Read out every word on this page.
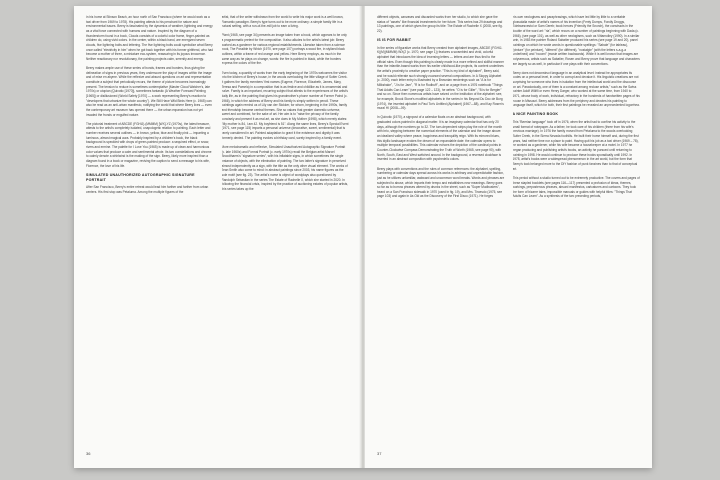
in his home at Stinson Beach, an hour north of San Francisco (where he would work as a taxi driver from 1969 to 1978). His painting attests to his penchant for nature and environmental issues. Beery is fascinated by the dynamics of weather, lightning and energy as a vital force connected with humans and nature. Inspired by the diagram of a thunderstorm found in a book, Clouds consists of a colorful color frame, finger-painted as children do, using vivid colors. In the center, within a black band, are energized seven clouds, five lightning bolts and lettering. The five lightning bolts could symbolize what Beery once called "electricity in him" when he got back together with his former girlfriend, who had become a mother of three, a miniature eco-system, reassuring in its joyous innocence. Neither reactionary nor revolutionary, the painting projects calm, serenity and energy.

Beery makes ample use of these series of bonds, frames and borders, thus giving the delineation of signs in previous years, they underscore the play of images within the image and of mise en abyme. While the reflexive and absurd questions on art and representation constitute a subject that periodically recurs, the theme of picture becomes increasingly present. The tension to reduce is sometimes contemplative (Master Cloud Watcher's, late 1970s) or utopian (Quixotic [1970]), sometimes fantastic (A Weather Forecast Painting [1965]) or disillusioned (World Safety [1970] — a work representing Beery's reaction to "developers that urbanize the whole country"). We Still Have Wild Birds Here (c. 1965) can also be read as an anti-urban manifesto, notifying the world that where Beery lives — even the contemporary art museum has opened there — the urban expansion has not yet invaded the fronds or engulfed nature.

The pictorial treatment of ABCDE (FGHIJ)-(MMMM) [WX]-YZ (1970s), the latest treasure, attests to the artist's completely isolated, unapologetic relation to painting. Each letter and number receives several outlines — in brown, yellow, blue and finally pink — imparting a luminous, almost magical aura. Probably inspired by a children's book, the black background is speckled with drops of green-painted produce: a sequined effect, or snow, rivers and ermine. The palette for I Love You (1965) is made up of clean and harmonious color values that produce a calm and sentimental whole. Its two constellations and chrome to calmly denote a whirlwind is the making of the sign. Beery, likely more inspired than a diagram found in a book or magazine, reviving the caption to send a message to his wife, Florence, the love of his life.

SIMULATED UNAUTHORIZED AUTOGRAPHIC SIGNATURE PORTRAIT

After San Francisco, Beery's entire retreat would lead him farther and farther from urban centers. His first stop was Petaluma. Among the multiple figures of the

artist, that of the writer withdrawn from the world to write his major work is a well known, Romantic paradigm. Beery's type turns out to be more ordinary: a simple family life in a natural setting, with a run-of-the-mill job to earn a living.

Plant (1965, see page 34) presents an image taken from a book, which appears to be only a programmatic pretext for the composition. It also alludes to the artist's latest job: Beery worked as a gardener for various regional establishments. Likewise taken from a science book, The Possible by Which (1970, see page 107) portrays a wood fire, in stylized black outlines, within a frame of red orange and yellow. Here Beery employs, as much in the same way as he plays on change, words: the fire is painted in black, while the borders express the colors of the fire.

Even today, a quantity of works from the early beginning of the 1970s welcomes the visitor into the kitchen of Beery's house, in the woods overlooking the little village of Sutter Creek. It gathers the family members' first names (Eugene, Florence, Elizabeth, James, Mary, Teresa and Pamela) in a composition that is as festive and childlike as it is ornamental and naïve. Family is an important, recurring subject that attests to the experiences of the artist's daily life, as in the painting that gives his grandmother's phone number at Former Patrol (c. 1966), in which the address of Beery and his family is simply written in pencil. These paintings again remind us of Lily van der Stokker, for whom, beginning in the 1990s, family and friendship became central themes. She so values that greater domestic universe, sweet and combined, for the sake of art. Her aim is to "raise the privacy of the family concisely and present it as real art, as she does in My Mother (1998), which merely states: "My mother is 84, I am 42. My boyfriend is 51". Along the same lines, Beery's Special Event (1971, see page 115) imparts a personal universe (decorative, sweet, sentimental) that is rarely considered in art. Painted adaptation to grant it the existence and dignity it was formerly denied. The painting evokes a birthday card, surely inspired by a family event.

More melodramatic and reflexive, Simulated Unauthorized Autographic Signature Portrait (c. late 1960s) and Formal Portrait (c. early 1970s) recall the Belgian artist Marcel Broodthaers's "signature series", with his inflatable signs, in which sometimes the single instance of objects, with the elimination of painting. The two latter's signature in perceived almost independently as a sign, with the title as the only other visual element. The works of Jean Smith also come to mind: in abstract paintings since 2003, his name figures as the sole motif (see fig. 23). The artist's name is object of wordplays also questioned by Randolph Sebastian in the series The Estate of Rachelle X, which she started in 2020. In following the financial crisis, inspired by the practice of auctioning estates of popular artists, this series takes up the

36

different objects, canvases and discarded works from her studio, to which she gave the status of "assets" like financial investments for her future. This series has 29 drawings and 13 paintings, one of which gives the group its title: The Estate of Rachelle X (2008, see fig. 22).

IS IS FOR RABBIT

In the series of figurative works that Beery created from alphabet images, ABCDE (FGHIJ-K)(M)(MMMM) WX(2 (c. 1970, see page 1)) features a scrambled and vivid, colorful alphabet that introduces the idea of inversing letters — letters and are thus tied to the official rules. Even though this painting is clearly made in a more refined and skillful manner than the infantile-based works from his earlier childhood-like projects, its content underlines the artist's proximity to creative paper practice. "This is my kind of alphabet", Beery said, and he would reiterate such strongly-nuanced several compositions. In A Sloppy Alphabet (c. 2000), each letter entry is illustrated by a Brownian renderings such as "A is for Milkshake", "J is for Jam", "R is for Rodbuff", and on a page from a 1976 notebook "Things That Adults Can Learn" (see page 122 – 123), he writes: "O is for Giller", "B is for Bergler" and so on. Since then numerous artists have seized on the institution of the alphabet: see, for example, Brook Stone's modified alphabets in the series in his Beyond Du Doc de Borg (1974), the inverted alphabet in Paul Tor's Untitled (Alphabet) (1967—88), and Kay Rosen's mural HI (2008—09).

In Quixotic (1970), a signpost of a calendar floats on an abstract background, with graduated colors painted in diagonal matter. It is an imaginary calendar that has only 20 days, although the numbers go to 32. The turn-dependent strips play the role of the month with brio, stepping between the numerical elements of the calendar and the image above: an idealized valley where peace, happiness and tranquility reign. With its mirrored blues, this idyllic landscape evokes the dream of an expandable date: the calendar opens to multiple temporal possibilities. This calendar echoes the depiction of the cardinal points in Counter-Clockwise Compass Demonstrating the Truth of Worth (1965, see page 90), with North, South, East and West switched around. In the background, a reversed clockface is inverted in an abstract composition with psychedelic colors.

Beery plays with conventions and the rules of common references: the alphabet, spelling, numbering or calendar days spread across his works in arbitrary and unpredictable fashion, just as he utilizes unfamiliar, awkward and uncommon word breaks. Words and phrases are subjected to abuse, which imparts their tempo and establishes new meanings. Beery goes so far as to borrow phrases uttered by drunks in the street, such as "Super Mudbusters", heard on a San Francisco sidewalk in 1970 (used in fig. 19), and Mrs. Tiroesdo (1975, see page 103) and again in As Old as the Discovery of the First Disco (1971). He forges

his own neologisms and paraphrasings, which have led little by little to a veritable glossolalia made of artist's names of his invention (Fenty Dumps, Fondly Droggs, Edekwesvestol or Sam Gereb; book heroes (Friendly the Snorch), the constructs in the double of the word art: "ria", which recurs on a number of paintings beginning with Dada (c. 1966), (see page 101), as well as other neologisms, such as Vittamolley (1990). In a similar vein, in 1983 the painter Roland Sabatier produced his series (see page 19 and 20), panel paintings on which he wrote words in questionable spellings: "Sabale" (for tableau), "pinture" (for peinture), "diferent" (for différent), "nostalgie" (with the letters s-a-g-a underlined) and "rocomi" (mosie written backwards). While it is well known that images are polysemous, artists such as Sabatier, Rosen and Beery prove that language and characters are largely so as well, in particular if one plays with their conventions.

Beery does not deconstruct language in an analytical level: instead he appropriates its codes on a personal level, in order to corrupt and devalue it. His linguistic creations are not surprising for someone who lives in isolation from the intellectual world and the discourse on art. Paradoxically, one of them is a constant among recluse artists," such as the Swiss painter Adolf Wölfli or even Henry Darger, who worked at the same time, from 1940 to 1971, whose body of work, individual, refractory in the hundreds of handwritten pages of his house in Missouri. Beery addresses from the periphery and devotes his painting to language itself, which for both, their first paintings he revealed an unprecedented logorrhea.

A NICE PAINTING BOOK

This "Beerian language" took off in 1976, when the artist had to confine his activity to the small format of notepaper. As a father, he took care of his children (three from his wife's previous marriage). In 1976 the family moved from Petaluma to the woods overlooking Sutter Creek, in the Sierra Nevada foothills. He built their home himself and, during the first years, had neither time nor a place to paint. Having quit his job as a taxi driver (1969 – 78), he worked as a gardener, while his wife became a housekeeper at a motel. In 1977 he began producing and publishing artist's books, an activity he pursued until returning to painting in 1998. He would continue to produce these books sporadically until 1992. In 1978, artist's books were a widespread phenomenon in the art world, but the form that Beery's took belonged more to the DIY fashion of punk fanzines than to that of conceptual art.

This period without a studio turned out to be extremely productive. The covers and pages of these stapled booklets (see pages 116—117) presented a profusion of ideas, themes, workings, preposterous phrases, absurd manifestos, caricatures and cartoons. They took the form of bizarre tales, impossible manuals or guides with helpful titles: "Things That Adults Can Learn". As a synthesis of the two preceding periods,

37
